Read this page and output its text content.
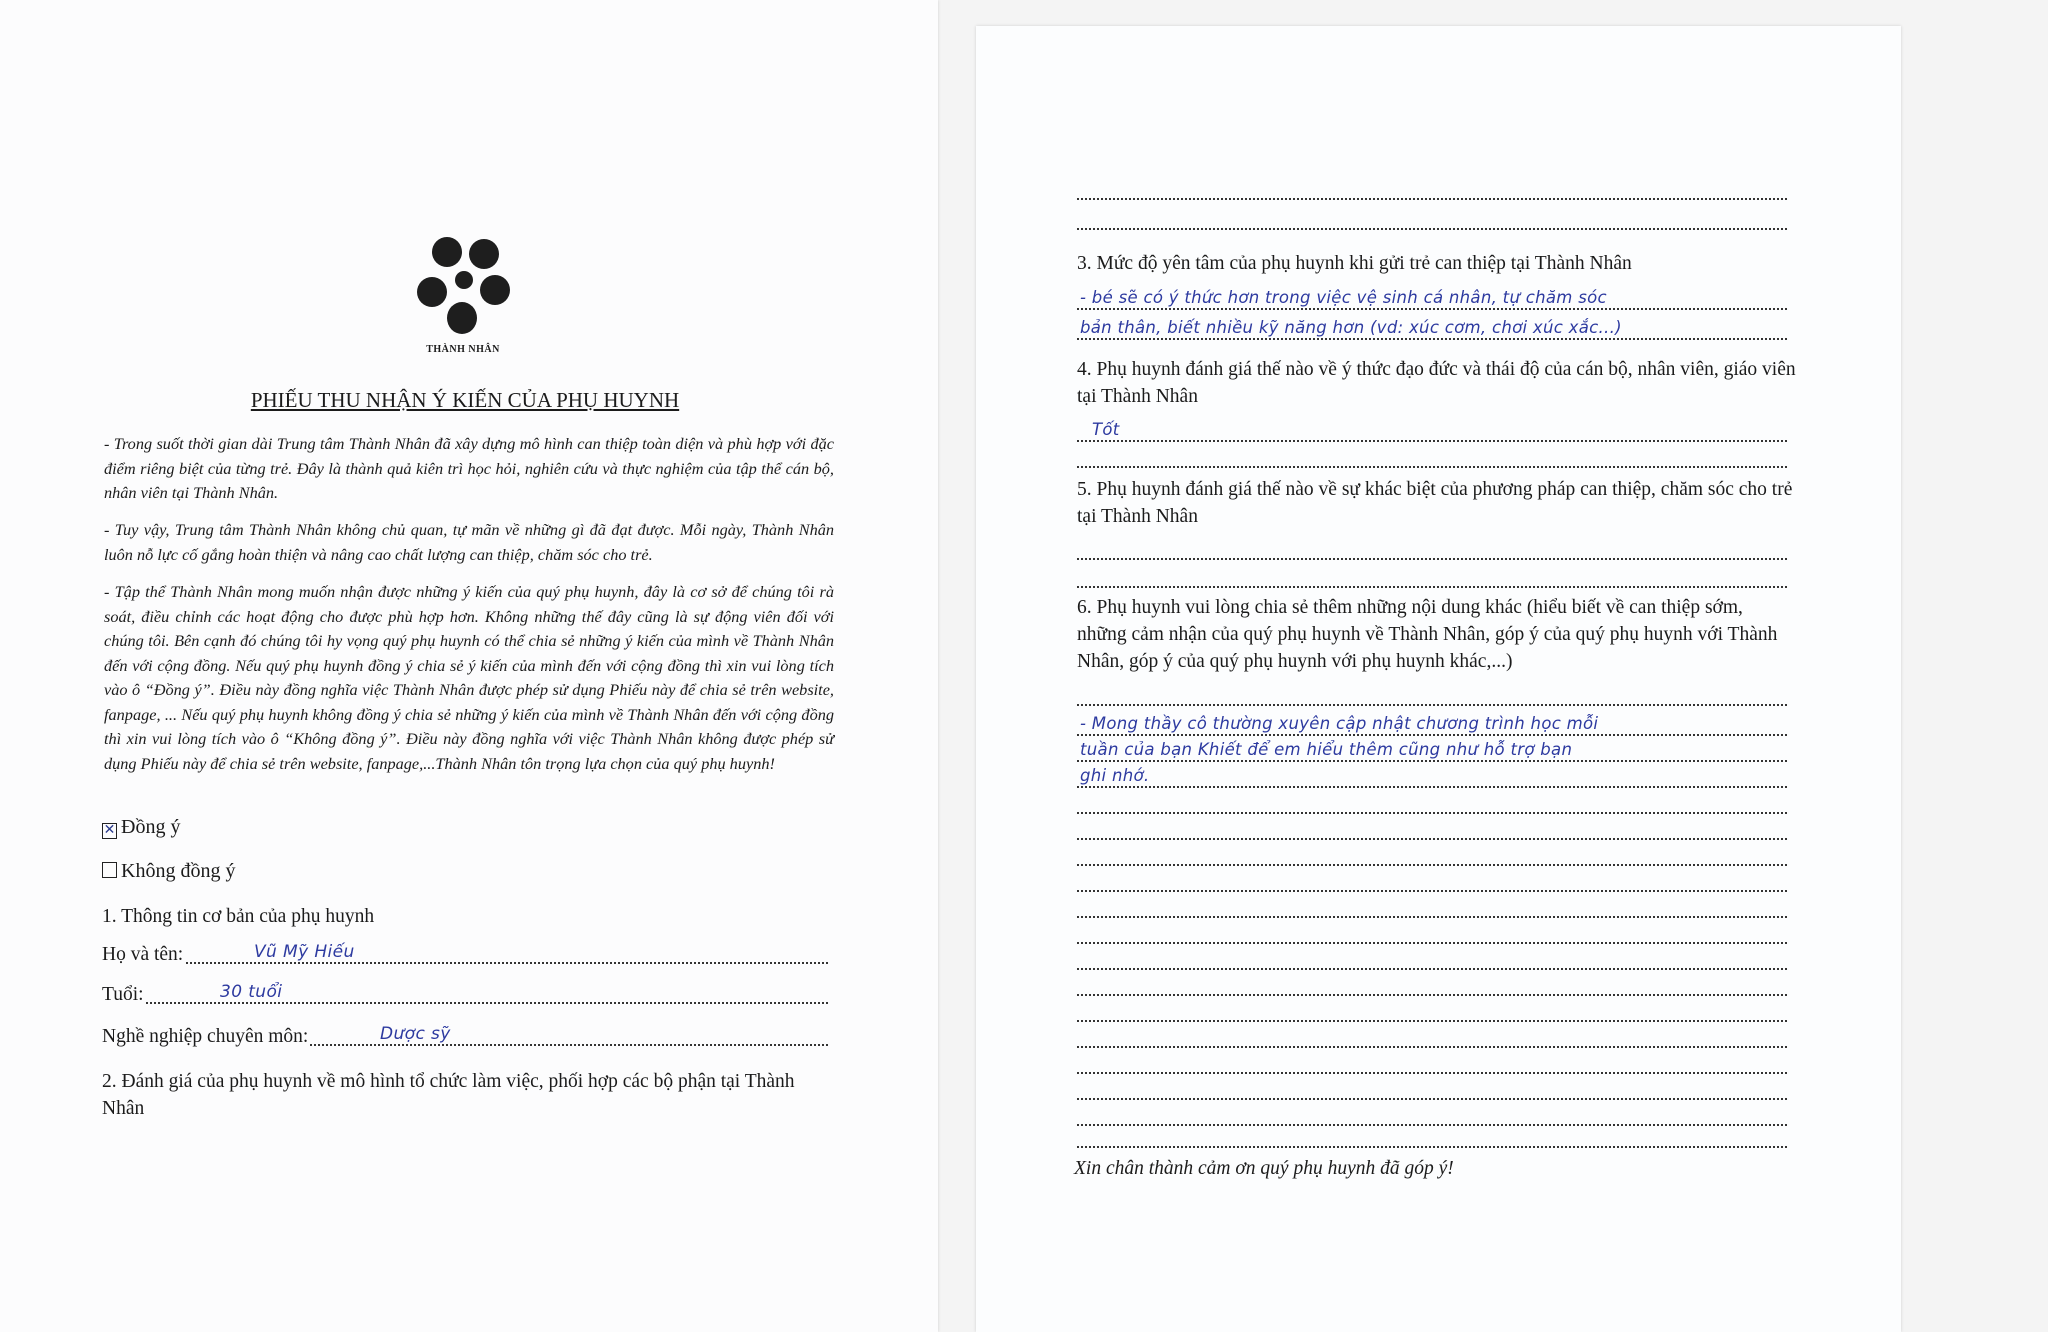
THÀNH NHÂN
PHIẾU THU NHẬN Ý KIẾN CỦA PHỤ HUYNH

- Trong suốt thời gian dài Trung tâm Thành Nhân đã xây dựng mô hình can thiệp toàn diện và phù hợp với đặc điểm riêng biệt của từng trẻ. Đây là thành quả kiên trì học hỏi, nghiên cứu và thực nghiệm của tập thể cán bộ, nhân viên tại Thành Nhân.

- Tuy vậy, Trung tâm Thành Nhân không chủ quan, tự mãn về những gì đã đạt được. Mỗi ngày, Thành Nhân luôn nỗ lực cố gắng hoàn thiện và nâng cao chất lượng can thiệp, chăm sóc cho trẻ.

- Tập thể Thành Nhân mong muốn nhận được những ý kiến của quý phụ huynh, đây là cơ sở để chúng tôi rà soát, điều chỉnh các hoạt động cho được phù hợp hơn. Không những thế đây cũng là sự động viên đối với chúng tôi. Bên cạnh đó chúng tôi hy vọng quý phụ huynh có thể chia sẻ những ý kiến của mình về Thành Nhân đến với cộng đồng. Nếu quý phụ huynh đồng ý chia sẻ ý kiến của mình đến với cộng đồng thì xin vui lòng tích vào ô “Đồng ý”. Điều này đồng nghĩa việc Thành Nhân được phép sử dụng Phiếu này để chia sẻ trên website, fanpage, ... Nếu quý phụ huynh không đồng ý chia sẻ những ý kiến của mình về Thành Nhân đến với cộng đồng thì xin vui lòng tích vào ô “Không đồng ý”. Điều này đồng nghĩa với việc Thành Nhân không được phép sử dụng Phiếu này để chia sẻ trên website, fanpage,...Thành Nhân tôn trọng lựa chọn của quý phụ huynh!

✕ Đồng ý
Không đồng ý
1. Thông tin cơ bản của phụ huynh
Họ và tên:	Vũ Mỹ Hiếu
Tuổi:	30 tuổi
Nghề nghiệp chuyên môn:	Dược sỹ
2. Đánh giá của phụ huynh về mô hình tổ chức làm việc, phối hợp các bộ phận tại Thành Nhân
3. Mức độ yên tâm của phụ huynh khi gửi trẻ can thiệp tại Thành Nhân
- bé sẽ có ý thức hơn trong việc vệ sinh cá nhân, tự chăm sóc
bản thân, biết nhiều kỹ năng hơn (vd: xúc cơm, chơi xúc xắc...)
4. Phụ huynh đánh giá thế nào về ý thức đạo đức và thái độ của cán bộ, nhân viên, giáo viên tại Thành Nhân
Tốt
5. Phụ huynh đánh giá thế nào về sự khác biệt của phương pháp can thiệp, chăm sóc cho trẻ tại Thành Nhân
6. Phụ huynh vui lòng chia sẻ thêm những nội dung khác (hiểu biết về can thiệp sớm, những cảm nhận của quý phụ huynh về Thành Nhân, góp ý của quý phụ huynh với Thành Nhân, góp ý của quý phụ huynh với phụ huynh khác,...)
- Mong thầy cô thường xuyên cập nhật chương trình học mỗi
tuần của bạn Khiết để em hiểu thêm cũng như hỗ trợ bạn
ghi nhớ.
Xin chân thành cảm ơn quý phụ huynh đã góp ý!
